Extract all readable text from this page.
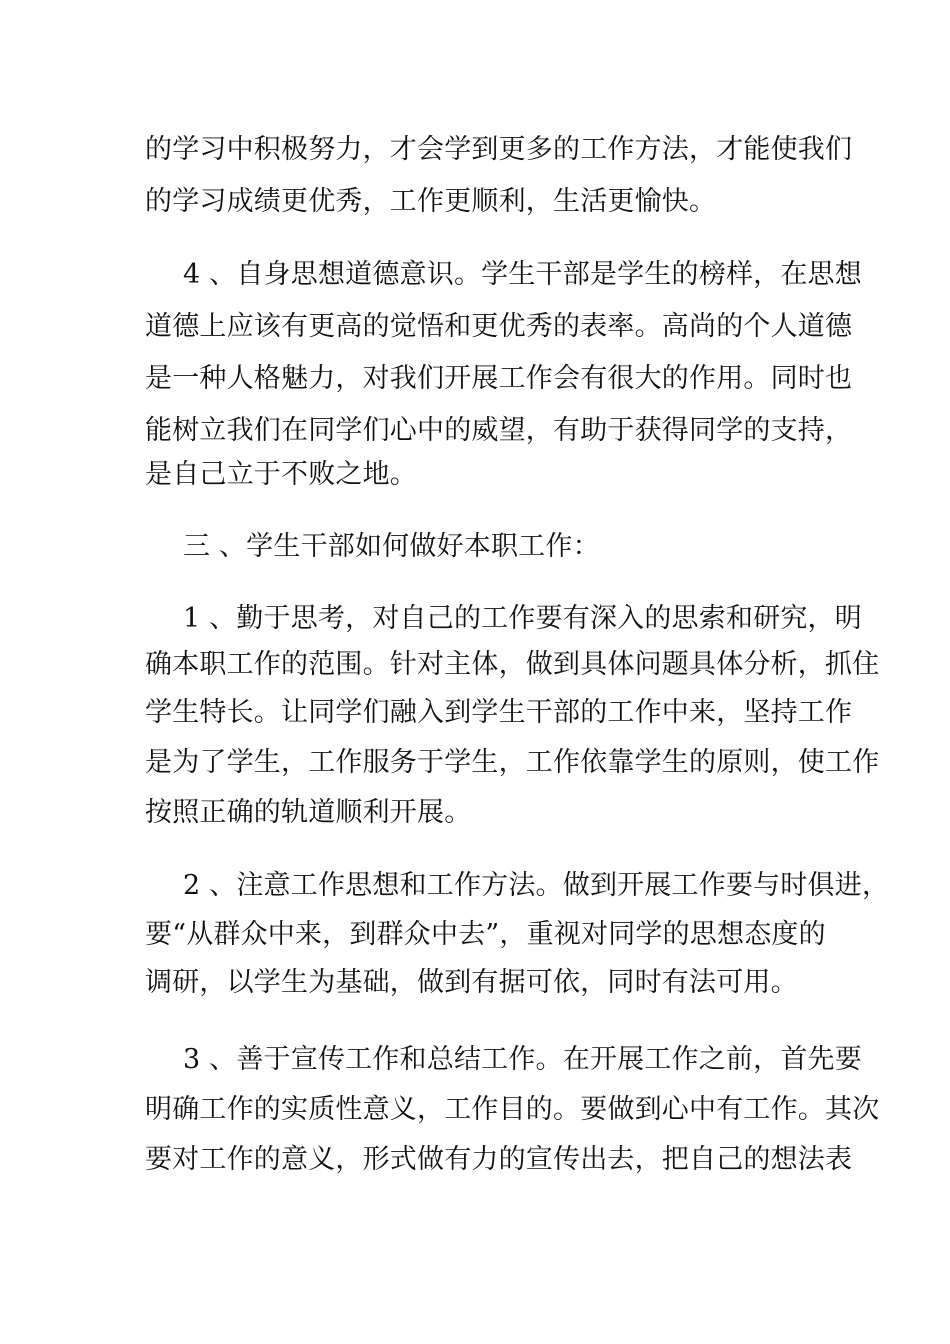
的学习中积极努力，才会学到更多的工作方法，才能使我们
的学习成绩更优秀，工作更顺利，生活更愉快。
4 、自身思想道德意识。学生干部是学生的榜样，在思想
道德上应该有更高的觉悟和更优秀的表率。高尚的个人道德
是一种人格魅力，对我们开展工作会有很大的作用。同时也
能树立我们在同学们心中的威望，有助于获得同学的支持，
是自己立于不败之地。
三 、学生干部如何做好本职工作：
1 、勤于思考，对自己的工作要有深入的思索和研究，明
确本职工作的范围。针对主体，做到具体问题具体分析，抓住
学生特长。让同学们融入到学生干部的工作中来，坚持工作
是为了学生，工作服务于学生，工作依靠学生的原则，使工作
按照正确的轨道顺利开展。
2 、注意工作思想和工作方法。做到开展工作要与时俱进，
要“从群众中来，到群众中去”，重视对同学的思想态度的
调研，以学生为基础，做到有据可依，同时有法可用。
3 、善于宣传工作和总结工作。在开展工作之前，首先要
明确工作的实质性意义，工作目的。要做到心中有工作。其次
要对工作的意义，形式做有力的宣传出去，把自己的想法表
